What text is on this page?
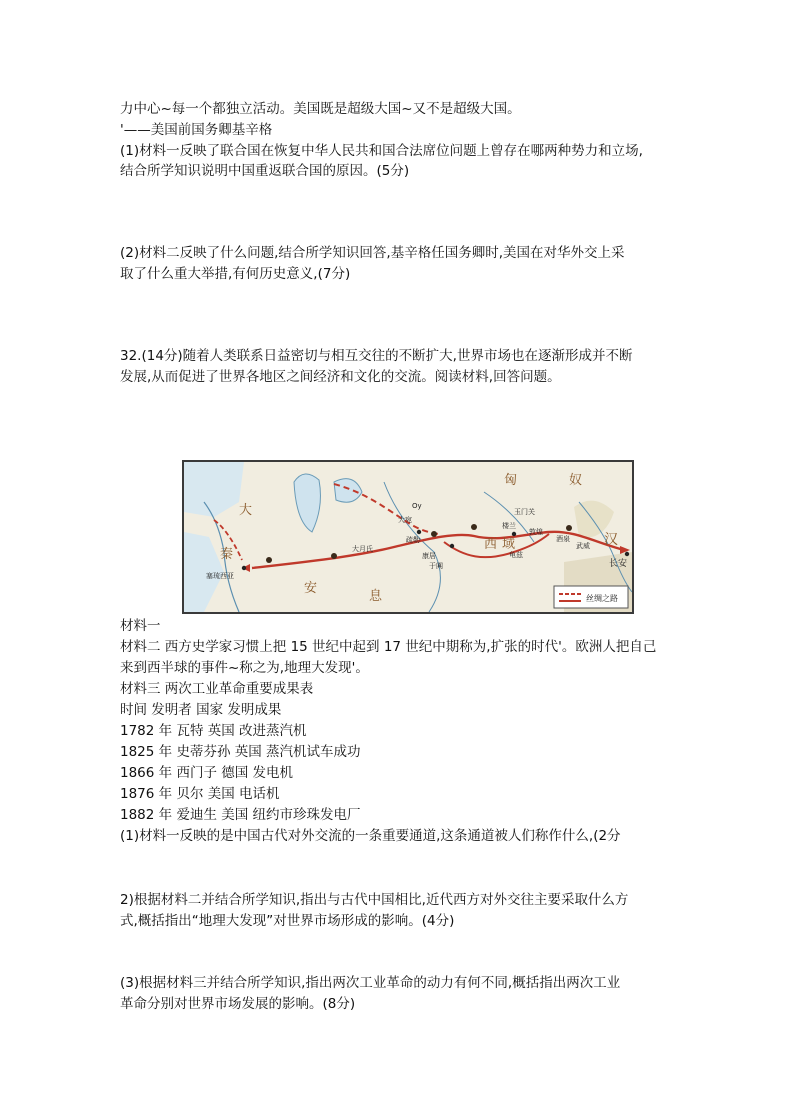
力中心~每一个都独立活动。美国既是超级大国~又不是超级大国。
'——美国前国务卿基辛格
(1)材料一反映了联合国在恢复中华人民共和国合法席位问题上曾存在哪两种势力和立场,
结合所学知识说明中国重返联合国的原因。(5分)
(2)材料二反映了什么问题,结合所学知识回答,基辛格任国务卿时,美国在对华外交上采
取了什么重大举措,有何历史意义,(7分)
32.(14分)随着人类联系日益密切与相互交往的不断扩大,世界市场也在逐渐形成并不断
发展,从而促进了世界各地区之间经济和文化的交流。阅读材料,回答问题。
大
秦
安
息
西 域
匈	奴
汉
塞琉西亚
大月氏
大宛
Oy
疏勒
康居
于阗
楼兰
龟兹
玉门关
敦煌
酒泉
武威
长安
丝绸之路
材料一
材料二 西方史学家习惯上把 15 世纪中起到 17 世纪中期称为,扩张的时代'。欧洲人把自己
来到西半球的事件~称之为,地理大发现'。
材料三 两次工业革命重要成果表
时间 发明者 国家 发明成果
1782 年 瓦特 英国 改进蒸汽机
1825 年 史蒂芬孙 英国 蒸汽机试车成功
1866 年 西门子 德国 发电机
1876 年 贝尔 美国 电话机
1882 年 爱迪生 美国 纽约市珍珠发电厂
(1)材料一反映的是中国古代对外交流的一条重要通道,这条通道被人们称作什么,(2分
2)根据材料二并结合所学知识,指出与古代中国相比,近代西方对外交往主要采取什么方
式,概括指出“地理大发现”对世界市场形成的影响。(4分)
(3)根据材料三并结合所学知识,指出两次工业革命的动力有何不同,概括指出两次工业
革命分别对世界市场发展的影响。(8分)
